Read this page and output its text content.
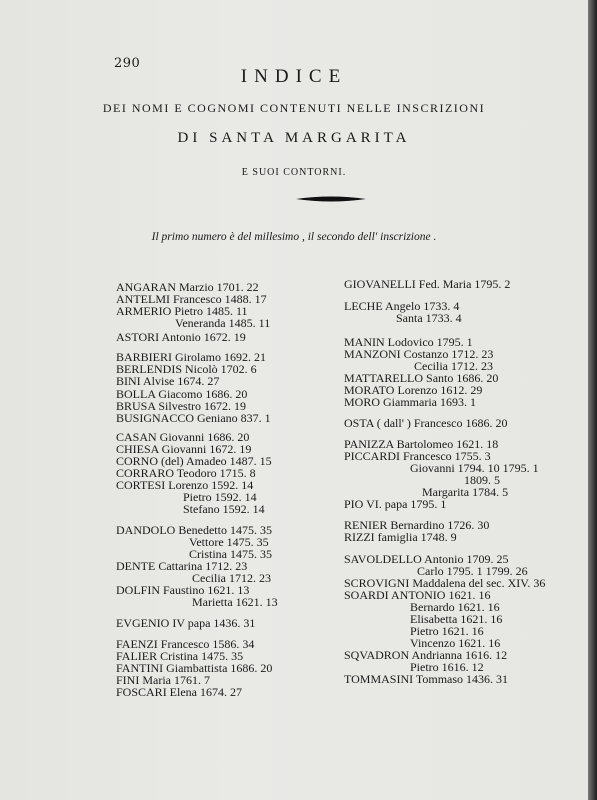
290
INDICE
DEI NOMI E COGNOMI CONTENUTI NELLE INSCRIZIONI
DI SANTA MARGARITA
E SUOI CONTORNI.
Il primo numero è del millesimo , il secondo dell' inscrizione .
ANGARAN Marzio 1701. 22
ANTELMI Francesco 1488. 17
ARMERIO Pietro 1485. 11
Veneranda 1485. 11
ASTORI Antonio 1672. 19
BARBIERI Girolamo 1692. 21
BERLENDIS Nicolò 1702. 6
BINI Alvise 1674. 27
BOLLA Giacomo 1686. 20
BRUSA Silvestro 1672. 19
BUSIGNACCO Geniano 837. 1
CASAN Giovanni 1686. 20
CHIESA Giovanni 1672. 19
CORNO (del) Amadeo 1487. 15
CORRARO Teodoro 1715. 8
CORTESI Lorenzo 1592. 14
Pietro 1592. 14
Stefano 1592. 14
DANDOLO Benedetto 1475. 35
Vettore 1475. 35
Cristina 1475. 35
DENTE Cattarina 1712. 23
Cecilia 1712. 23
DOLFIN Faustino 1621. 13
Marietta 1621. 13
EVGENIO IV papa 1436. 31
FAENZI Francesco 1586. 34
FALIER Cristina 1475. 35
FANTINI Giambattista 1686. 20
FINI Maria 1761. 7
FOSCARI Elena 1674. 27
GIOVANELLI Fed. Maria 1795. 2
LECHE Angelo 1733. 4
Santa 1733. 4
MANIN Lodovico 1795. 1
MANZONI Costanzo 1712. 23
Cecilia 1712. 23
MATTARELLO Santo 1686. 20
MORATO Lorenzo 1612. 29
MORO Giammaria 1693. 1
OSTA ( dall' ) Francesco 1686. 20
PANIZZA Bartolomeo 1621. 18
PICCARDI Francesco 1755. 3
Giovanni 1794. 10 1795. 1
1809. 5
Margarita 1784. 5
PIO VI. papa 1795. 1
RENIER Bernardino 1726. 30
RIZZI famiglia 1748. 9
SAVOLDELLO Antonio 1709. 25
Carlo 1795. 1 1799. 26
SCROVIGNI Maddalena del sec. XIV. 36
SOARDI ANTONIO 1621. 16
Bernardo 1621. 16
Elisabetta 1621. 16
Pietro 1621. 16
Vincenzo 1621. 16
SQVADRON Andrianna 1616. 12
Pietro 1616. 12
TOMMASINI Tommaso 1436. 31
